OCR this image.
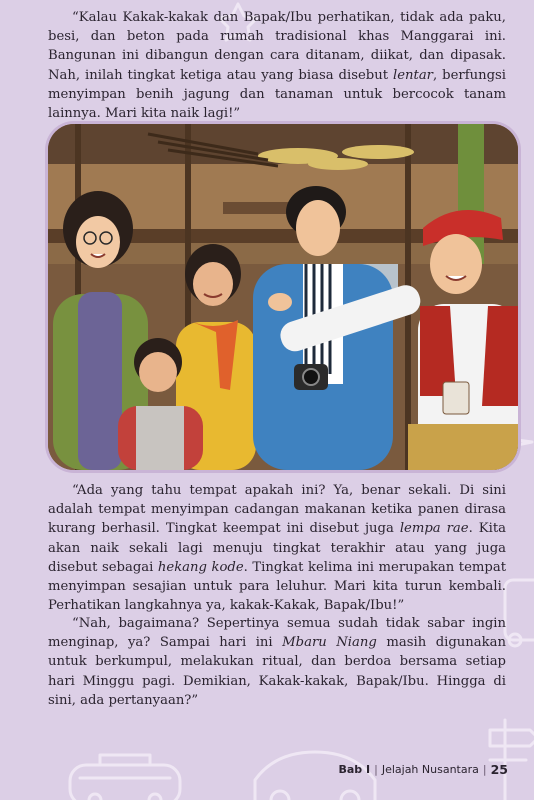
“Kalau Kakak-kakak dan Bapak/Ibu perhatikan, tidak ada paku, besi, dan beton pada rumah tradisional khas Manggarai ini. Bangunan ini dibangun dengan cara ditanam, diikat, dan dipasak. Nah, inilah tingkat ketiga atau yang biasa disebut lentar, berfungsi menyimpan benih jagung dan tanaman untuk bercocok tanam lainnya. Mari kita naik lagi!”

“Ada yang tahu tempat apakah ini? Ya, benar sekali. Di sini adalah tempat menyimpan cadangan makanan ketika panen dirasa kurang berhasil. Tingkat keempat ini disebut juga lempa rae. Kita akan naik sekali lagi menuju tingkat terakhir atau yang juga disebut sebagai hekang kode. Tingkat kelima ini merupakan tempat menyimpan sesajian untuk para leluhur. Mari kita turun kembali. Perhatikan langkahnya ya, kakak-Kakak, Bapak/Ibu!”

“Nah, bagaimana? Sepertinya semua sudah tidak sabar ingin menginap, ya? Sampai hari ini Mbaru Niang masih digunakan untuk berkumpul, melakukan ritual, dan berdoa bersama setiap hari Minggu pagi. Demikian, Kakak-kakak, Bapak/Ibu. Hingga di sini, ada pertanyaan?”

Bab I | Jelajah Nusantara | 25
